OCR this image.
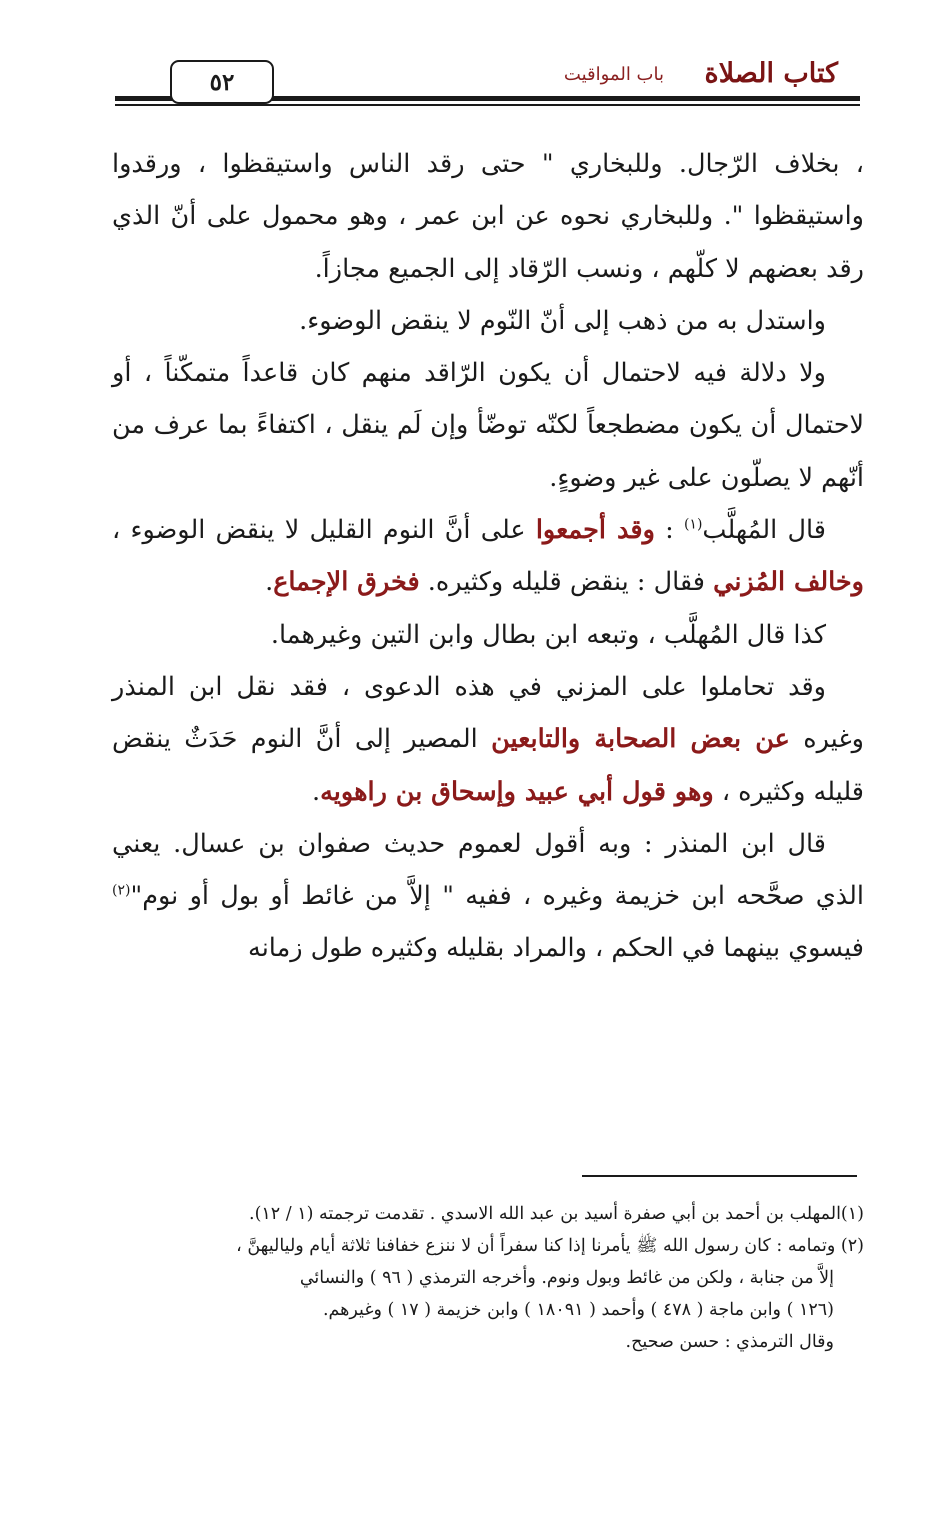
٥٢	كتاب الصلاة
باب المواقيت

، بخلاف الرّجال. وللبخاري " حتى رقد الناس واستيقظوا ، ورقدوا واستيقظوا ". وللبخاري نحوه عن ابن عمر ، وهو محمول على أنّ الذي رقد بعضهم لا كلّهم ، ونسب الرّقاد إلى الجميع مجازاً.

واستدل به من ذهب إلى أنّ النّوم لا ينقض الوضوء.

ولا دلالة فيه لاحتمال أن يكون الرّاقد منهم كان قاعداً متمكّناً ، أو لاحتمال أن يكون مضطجعاً لكنّه توضّأ وإن لَم ينقل ، اكتفاءً بما عرف من أنّهم لا يصلّون على غير وضوءٍ.

قال المُهلَّب$^{(١)}$ : وقد أجمعوا على أنَّ النوم القليل لا ينقض الوضوء ، وخالف المُزني فقال : ينقض قليله وكثيره. فخرق الإجماع.

كذا قال المُهلَّب ، وتبعه ابن بطال وابن التين وغيرهما.

وقد تحاملوا على المزني في هذه الدعوى ، فقد نقل ابن المنذر وغيره عن بعض الصحابة والتابعين المصير إلى أنَّ النوم حَدَثٌ ينقض قليله وكثيره ، وهو قول أبي عبيد وإسحاق بن راهويه.

قال ابن المنذر : وبه أقول لعموم حديث صفوان بن عسال. يعني الذي صحَّحه ابن خزيمة وغيره ، ففيه " إلاَّ من غائط أو بول أو نوم"$^{(٢)}$ فيسوي بينهما في الحكم ، والمراد بقليله وكثيره طول زمانه

(١)المهلب بن أحمد بن أبي صفرة أسيد بن عبد الله الاسدي . تقدمت ترجمته (١ / ١٢).

(٢) وتمامه : كان رسول الله ﷺ يأمرنا إذا كنا سفراً أن لا ننزع خفافنا ثلاثة أيام ولياليهنَّ ،

إلاَّ من جنابة ، ولكن من غائط وبول ونوم. وأخرجه الترمذي ( ٩٦ ) والنسائي

(١٢٦ ) وابن ماجة ( ٤٧٨ ) وأحمد ( ١٨٠٩١ ) وابن خزيمة ( ١٧ ) وغيرهم.

وقال الترمذي : حسن صحيح.
